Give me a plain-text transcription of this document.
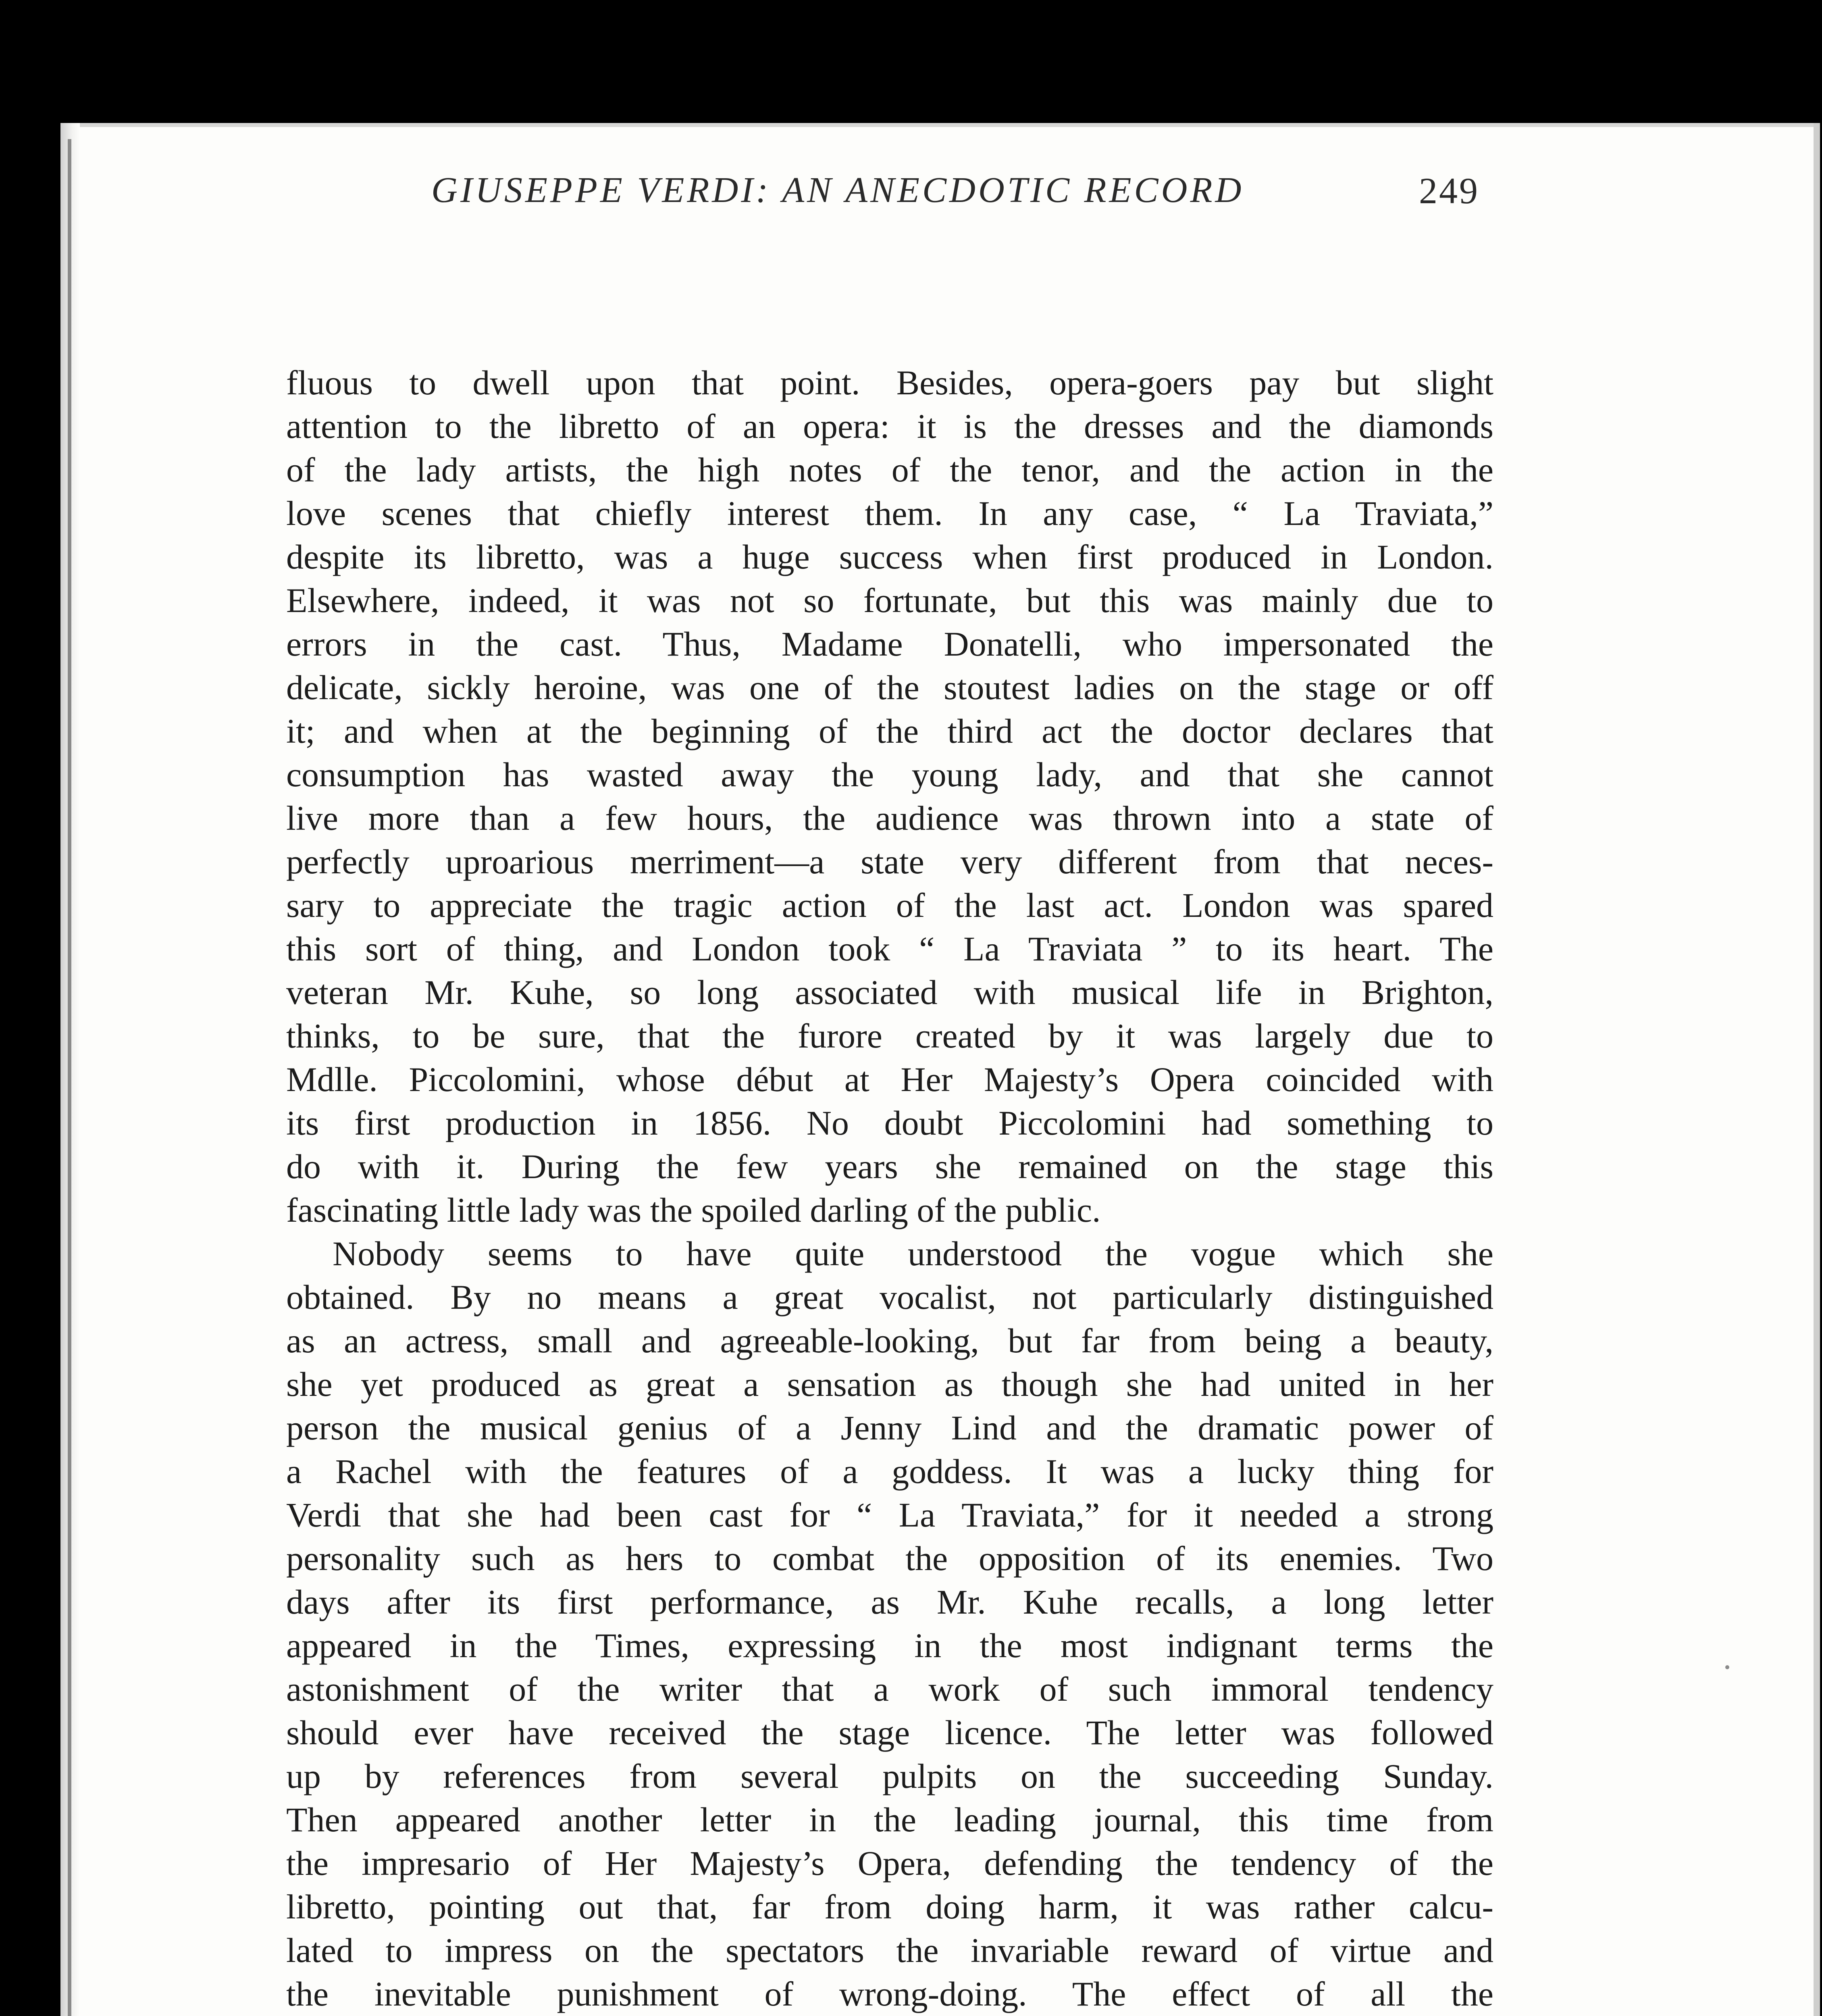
GIUSEPPE VERDI: AN ANECDOTIC RECORD	249
fluous to dwell upon that point. Besides, opera-goers pay but slight
attention to the libretto of an opera: it is the dresses and the diamonds
of the lady artists, the high notes of the tenor, and the action in the
love scenes that chiefly interest them. In any case, “ La Traviata,”
despite its libretto, was a huge success when first produced in London.
Elsewhere, indeed, it was not so fortunate, but this was mainly due to
errors in the cast. Thus, Madame Donatelli, who impersonated the
delicate, sickly heroine, was one of the stoutest ladies on the stage or off
it; and when at the beginning of the third act the doctor declares that
consumption has wasted away the young lady, and that she cannot
live more than a few hours, the audience was thrown into a state of
perfectly uproarious merriment—a state very different from that neces-
sary to appreciate the tragic action of the last act. London was spared
this sort of thing, and London took “ La Traviata ” to its heart. The
veteran Mr. Kuhe, so long associated with musical life in Brighton,
thinks, to be sure, that the furore created by it was largely due to
Mdlle. Piccolomini, whose début at Her Majesty’s Opera coincided with
its first production in 1856. No doubt Piccolomini had something to
do with it. During the few years she remained on the stage this
fascinating little lady was the spoiled darling of the public.
Nobody seems to have quite understood the vogue which she
obtained. By no means a great vocalist, not particularly distinguished
as an actress, small and agreeable-looking, but far from being a beauty,
she yet produced as great a sensation as though she had united in her
person the musical genius of a Jenny Lind and the dramatic power of
a Rachel with the features of a goddess. It was a lucky thing for
Verdi that she had been cast for “ La Traviata,” for it needed a strong
personality such as hers to combat the opposition of its enemies. Two
days after its first performance, as Mr. Kuhe recalls, a long letter
appeared in the Times, expressing in the most indignant terms the
astonishment of the writer that a work of such immoral tendency
should ever have received the stage licence. The letter was followed
up by references from several pulpits on the succeeding Sunday.
Then appeared another letter in the leading journal, this time from
the impresario of Her Majesty’s Opera, defending the tendency of the
libretto, pointing out that, far from doing harm, it was rather calcu-
lated to impress on the spectators the invariable reward of virtue and
the inevitable punishment of wrong-doing. The effect of all the
